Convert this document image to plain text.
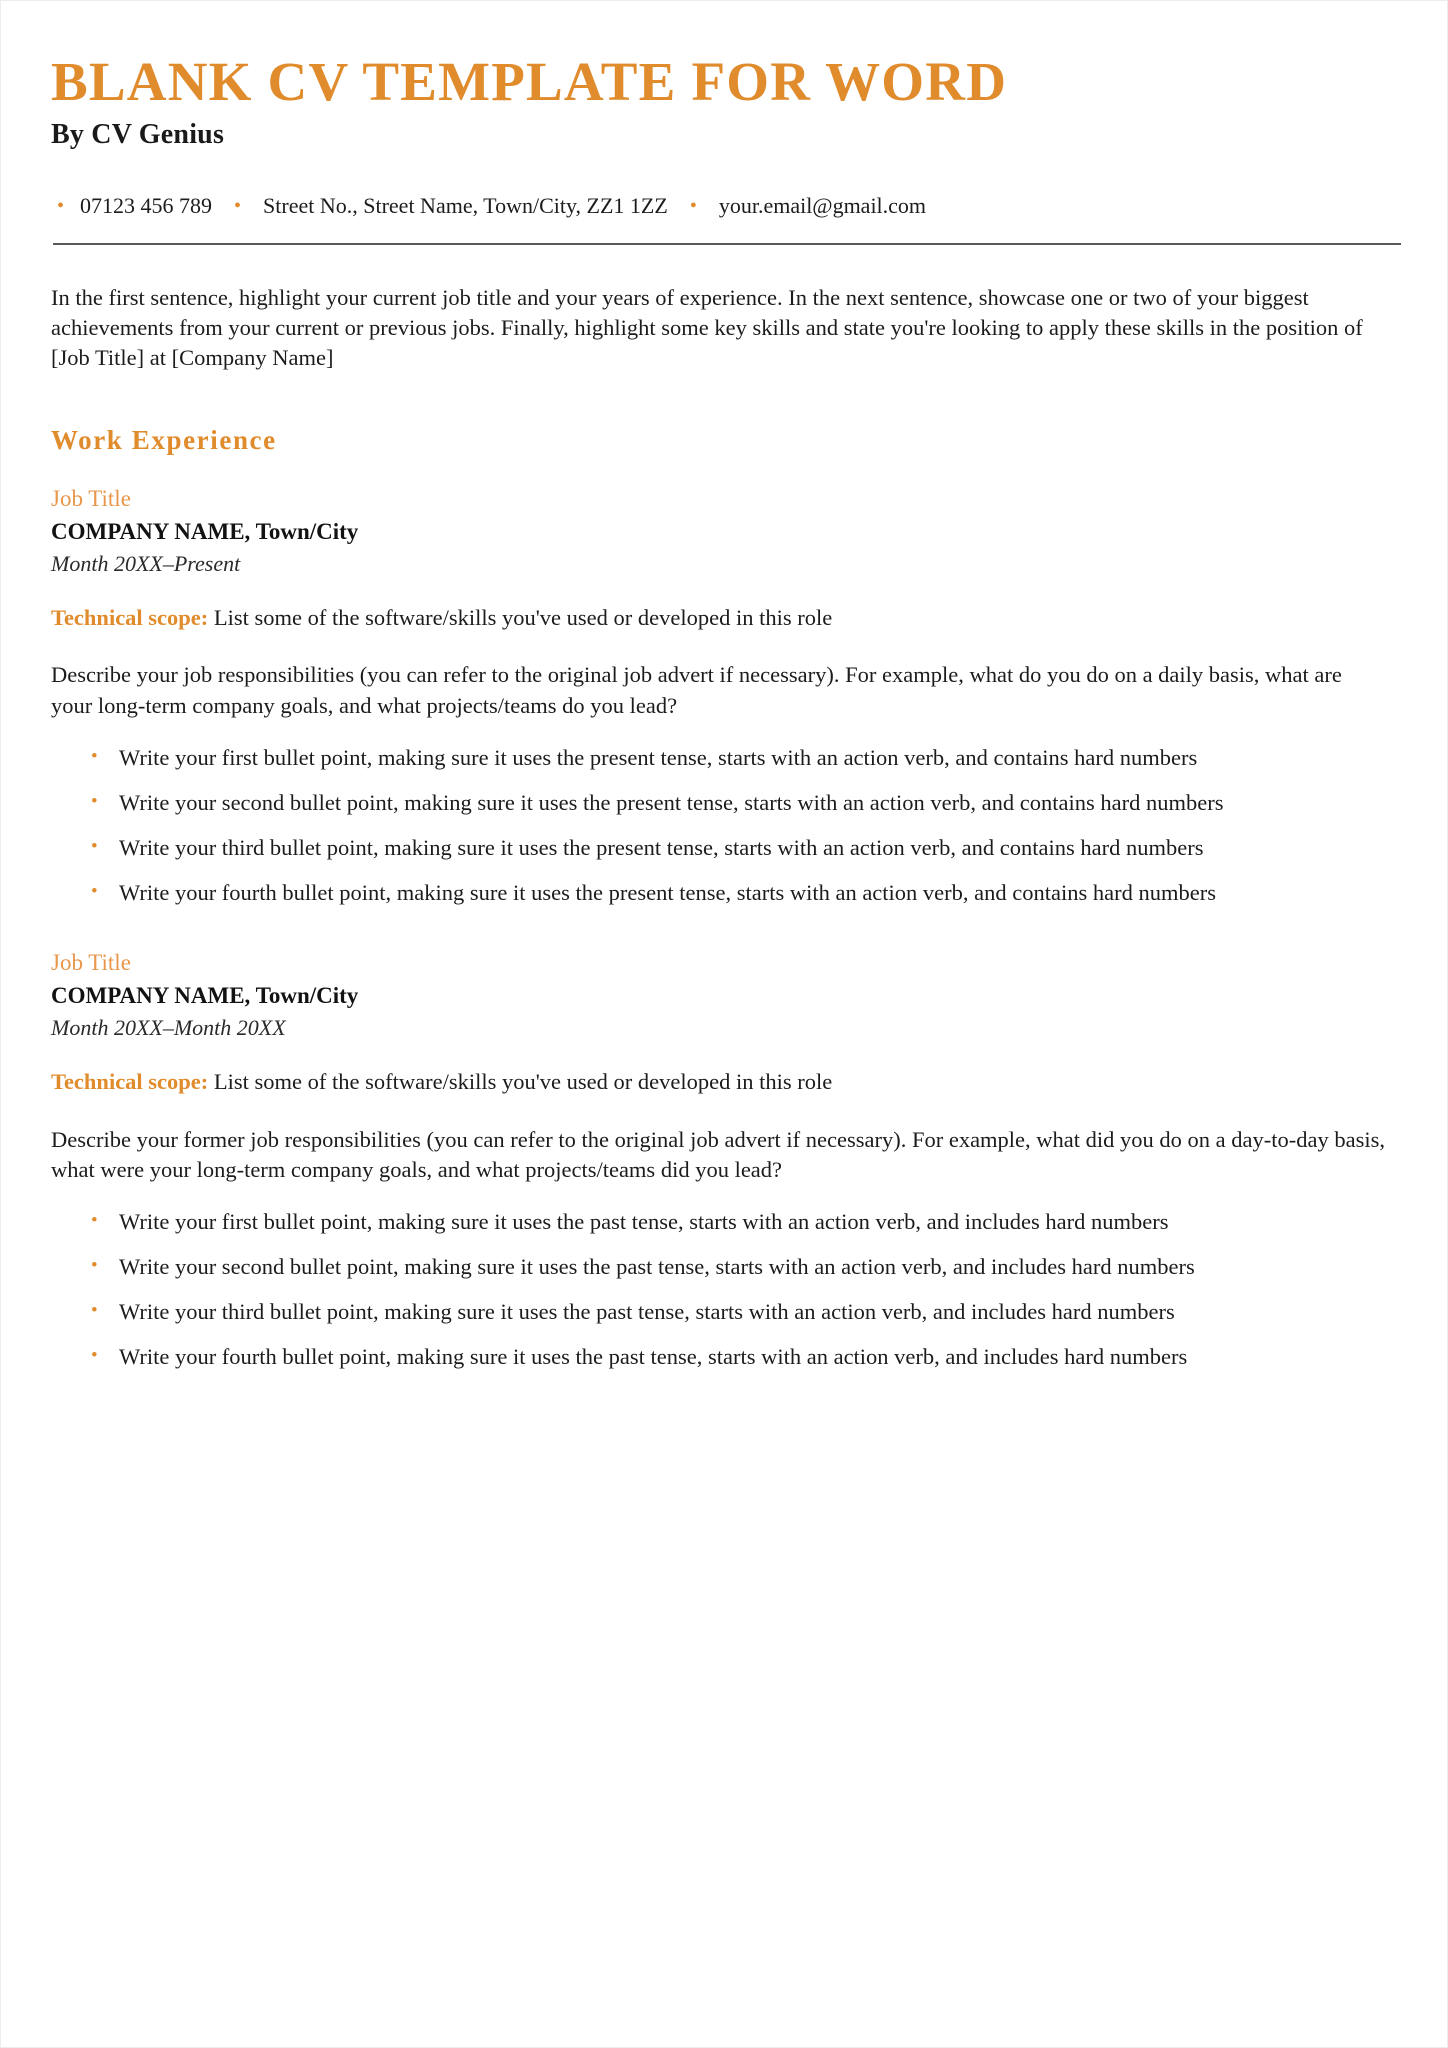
BLANK CV TEMPLATE FOR WORD
By CV Genius
• 07123 456 789 • Street No., Street Name, Town/City, ZZ1 1ZZ • your.email@gmail.com

In the first sentence, highlight your current job title and your years of experience. In the next sentence, showcase one or two of your biggest achievements from your current or previous jobs. Finally, highlight some key skills and state you're looking to apply these skills in the position of [Job Title] at [Company Name]

Work Experience
Job Title
COMPANY NAME, Town/City
Month 20XX–Present

Technical scope: List some of the software/skills you've used or developed in this role

Describe your job responsibilities (you can refer to the original job advert if necessary). For example, what do you do on a daily basis, what are your long-term company goals, and what projects/teams do you lead?

• Write your first bullet point, making sure it uses the present tense, starts with an action verb, and contains hard numbers
• Write your second bullet point, making sure it uses the present tense, starts with an action verb, and contains hard numbers
• Write your third bullet point, making sure it uses the present tense, starts with an action verb, and contains hard numbers
• Write your fourth bullet point, making sure it uses the present tense, starts with an action verb, and contains hard numbers
Job Title
COMPANY NAME, Town/City
Month 20XX–Month 20XX

Technical scope: List some of the software/skills you've used or developed in this role

Describe your former job responsibilities (you can refer to the original job advert if necessary). For example, what did you do on a day-to-day basis, what were your long-term company goals, and what projects/teams did you lead?

• Write your first bullet point, making sure it uses the past tense, starts with an action verb, and includes hard numbers
• Write your second bullet point, making sure it uses the past tense, starts with an action verb, and includes hard numbers
• Write your third bullet point, making sure it uses the past tense, starts with an action verb, and includes hard numbers
• Write your fourth bullet point, making sure it uses the past tense, starts with an action verb, and includes hard numbers
